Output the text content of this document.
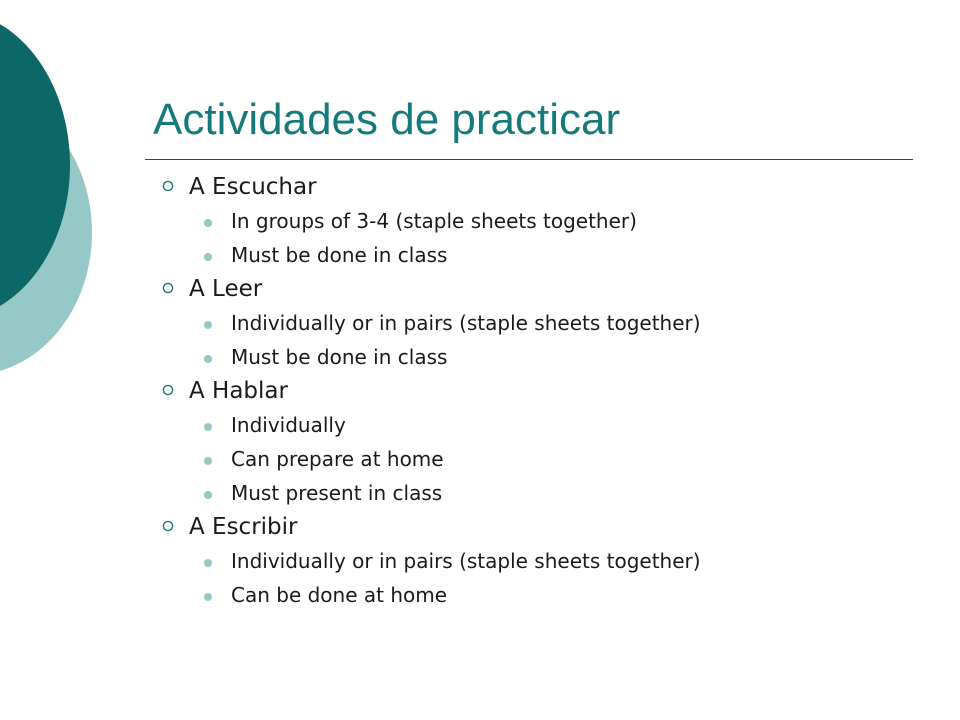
Actividades de practicar
A Escuchar
In groups of 3-4 (staple sheets together)
Must be done in class
A Leer
Individually or in pairs (staple sheets together)
Must be done in class
A Hablar
Individually
Can prepare at home
Must present in class
A Escribir
Individually or in pairs (staple sheets together)
Can be done at home
